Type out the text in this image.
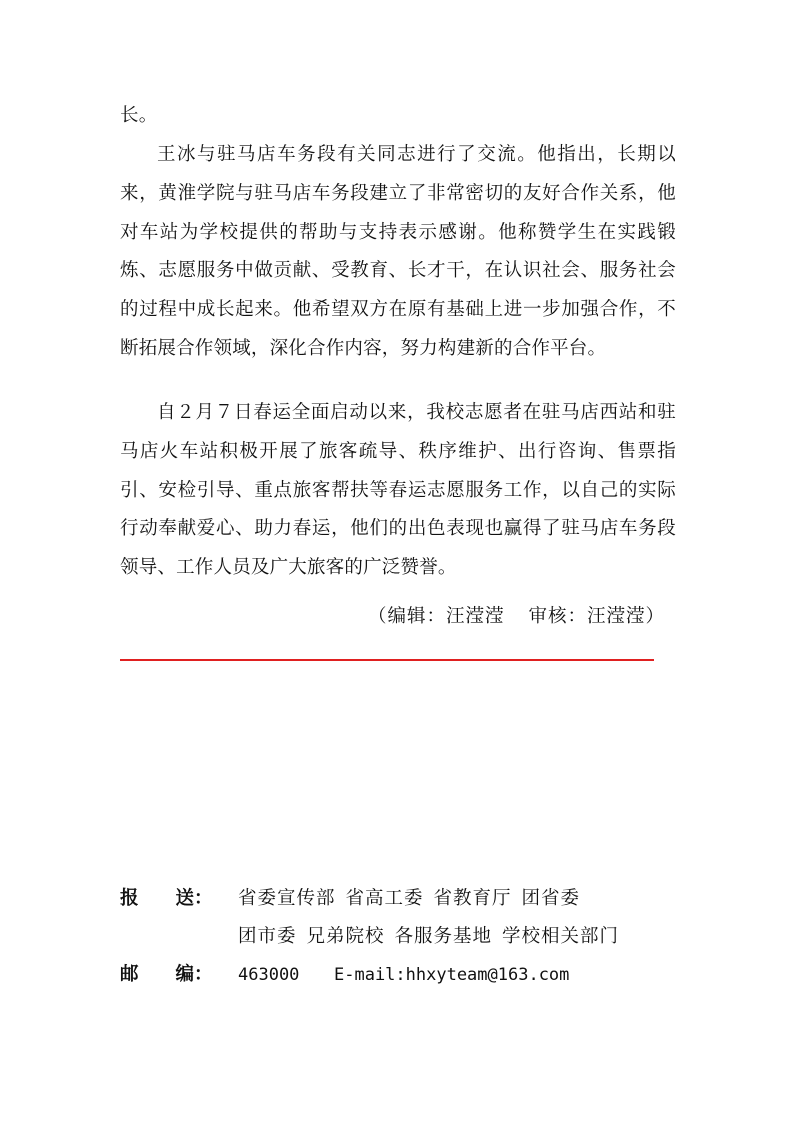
长。

王冰与驻马店车务段有关同志进行了交流。他指出，长期以来，黄淮学院与驻马店车务段建立了非常密切的友好合作关系，他对车站为学校提供的帮助与支持表示感谢。他称赞学生在实践锻炼、志愿服务中做贡献、受教育、长才干，在认识社会、服务社会的过程中成长起来。他希望双方在原有基础上进一步加强合作，不断拓展合作领域，深化合作内容，努力构建新的合作平台。

自２月７日春运全面启动以来，我校志愿者在驻马店西站和驻马店火车站积极开展了旅客疏导、秩序维护、出行咨询、售票指引、安检引导、重点旅客帮扶等春运志愿服务工作，以自己的实际行动奉献爱心、助力春运，他们的出色表现也赢得了驻马店车务段领导、工作人员及广大旅客的广泛赞誉。

（编辑：汪滢滢 审核：汪滢滢）
报 送： 省委宣传部 省高工委 省教育厅 团省委
团市委 兄弟院校 各服务基地 学校相关部门
邮 编： 463000 E-mail:hhxyteam@163.com
